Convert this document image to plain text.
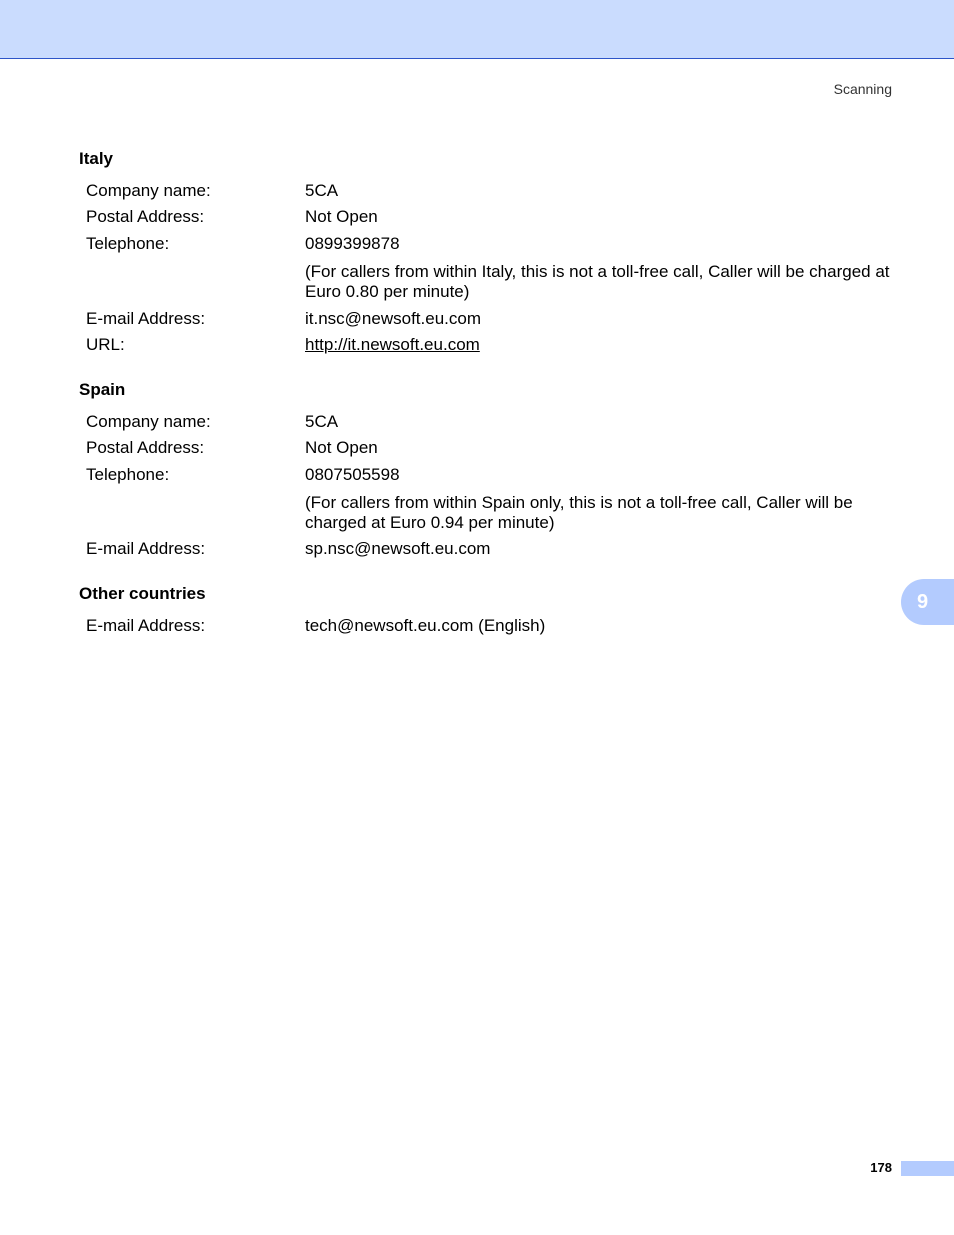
Scanning
Italy
Company name:	5CA
Postal Address:	Not Open
Telephone:	0899399878
(For callers from within Italy, this is not a toll-free call, Caller will be charged at Euro 0.80 per minute)
E-mail Address:	it.nsc@newsoft.eu.com
URL:	http://it.newsoft.eu.com
Spain
Company name:	5CA
Postal Address:	Not Open
Telephone:	0807505598
(For callers from within Spain only, this is not a toll-free call, Caller will be charged at Euro 0.94 per minute)
E-mail Address:	sp.nsc@newsoft.eu.com
Other countries
E-mail Address:	tech@newsoft.eu.com (English)
9
178
